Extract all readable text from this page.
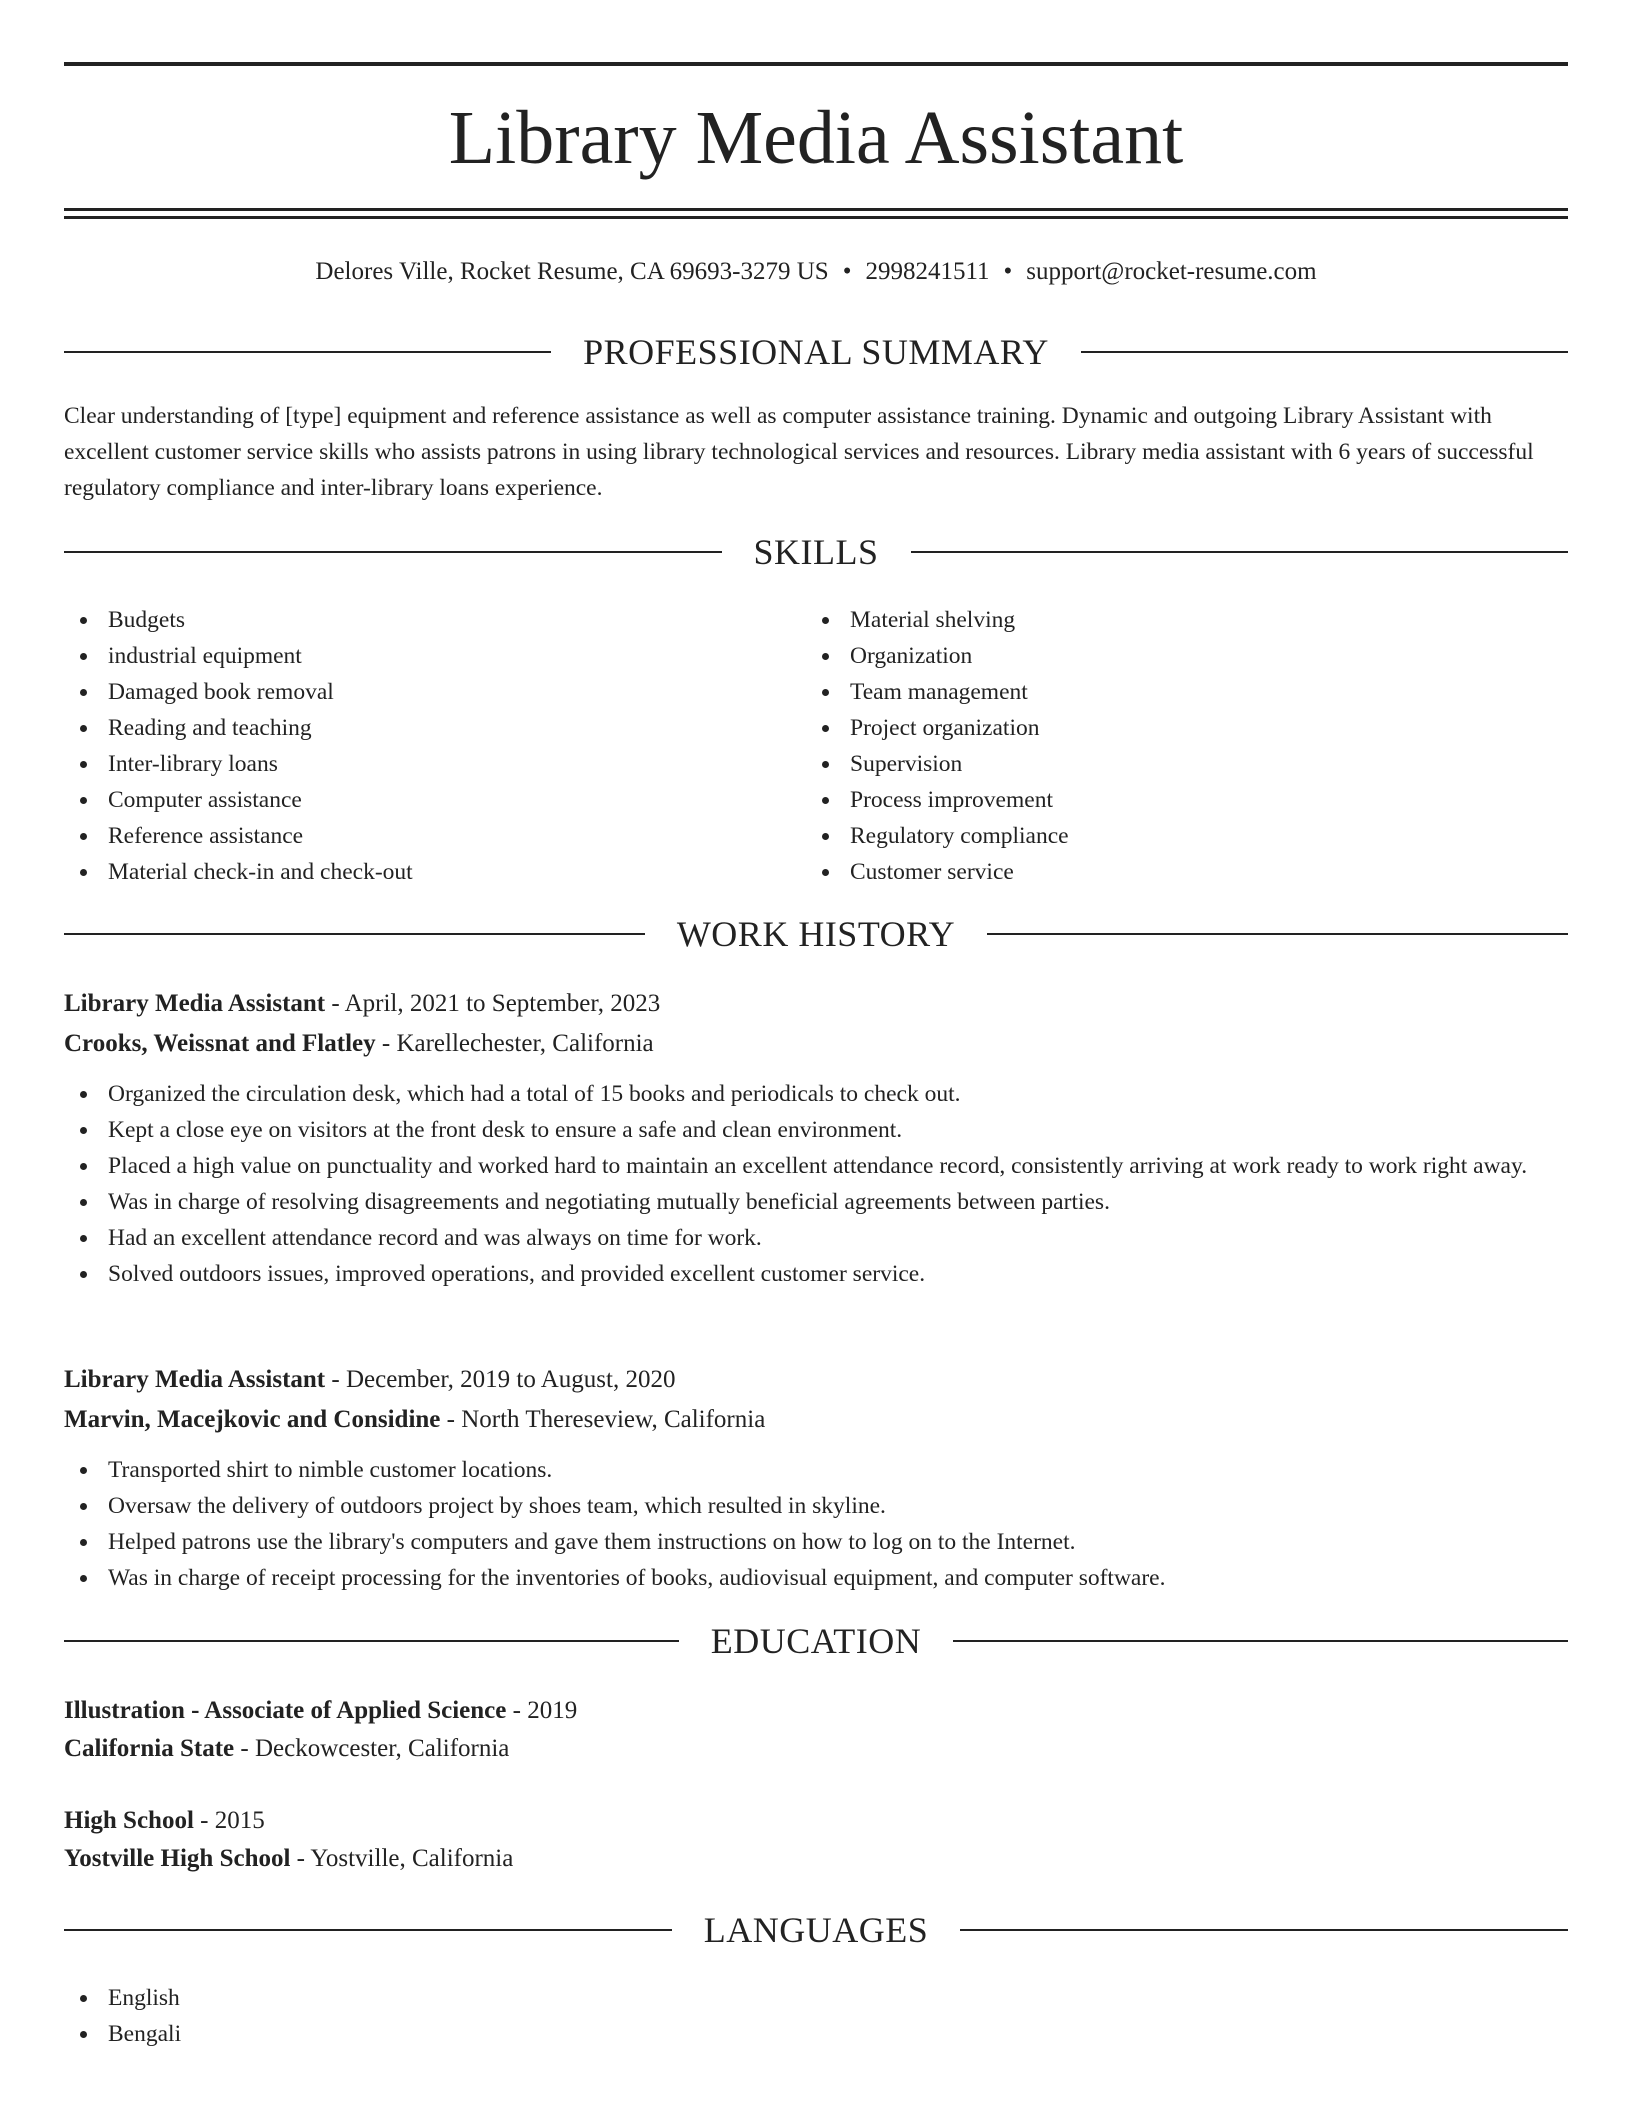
Library Media Assistant
Delores Ville, Rocket Resume, CA 69693-3279 US • 2998241511 • support@rocket-resume.com
PROFESSIONAL SUMMARY

Clear understanding of [type] equipment and reference assistance as well as computer assistance training. Dynamic and outgoing Library Assistant with excellent customer service skills who assists patrons in using library technological services and resources. Library media assistant with 6 years of successful regulatory compliance and inter-library loans experience.

SKILLS
Budgets
industrial equipment
Damaged book removal
Reading and teaching
Inter-library loans
Computer assistance
Reference assistance
Material check-in and check-out
Material shelving
Organization
Team management
Project organization
Supervision
Process improvement
Regulatory compliance
Customer service
WORK HISTORY
Library Media Assistant - April, 2021 to September, 2023
Crooks, Weissnat and Flatley - Karellechester, California
Organized the circulation desk, which had a total of 15 books and periodicals to check out.
Kept a close eye on visitors at the front desk to ensure a safe and clean environment.
Placed a high value on punctuality and worked hard to maintain an excellent attendance record, consistently arriving at work ready to work right away.
Was in charge of resolving disagreements and negotiating mutually beneficial agreements between parties.
Had an excellent attendance record and was always on time for work.
Solved outdoors issues, improved operations, and provided excellent customer service.
Library Media Assistant - December, 2019 to August, 2020
Marvin, Macejkovic and Considine - North Thereseview, California
Transported shirt to nimble customer locations.
Oversaw the delivery of outdoors project by shoes team, which resulted in skyline.
Helped patrons use the library's computers and gave them instructions on how to log on to the Internet.
Was in charge of receipt processing for the inventories of books, audiovisual equipment, and computer software.
EDUCATION
Illustration - Associate of Applied Science - 2019
California State - Deckowcester, California
High School - 2015
Yostville High School - Yostville, California
LANGUAGES
English
Bengali
